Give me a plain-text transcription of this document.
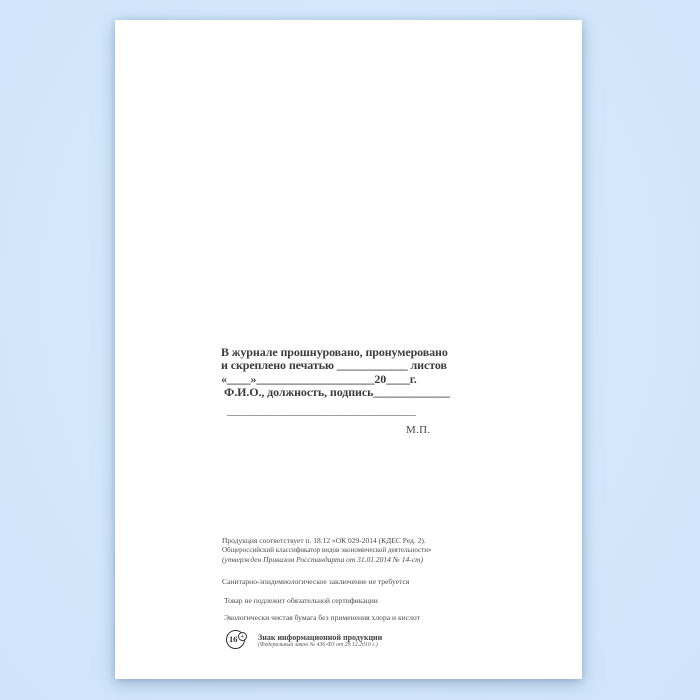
В журнале прошнуровано, пронумеровано
и скреплено печатью ____________ листов
«____»____________________20____г.
Ф.И.О., должность, подпись_____________
________________________________
М.П.
Продукция соответствует п. 18.12 «ОК 029-2014 (КДЕС Ред. 2).
Общероссийский классификатор видов экономической деятельности»
(утвержден Приказом Росстандарта от 31.01.2014 № 14-ст)
Санитарно-эпидемиологическое заключение не требуется
Товар не подлежит обязательной сертификации
Экологически чистая бумага без применения хлора и кислот
16 +	Знак информационной продукции
(Федеральный закон № 436-ФЗ от 29.12.2010 г.)
